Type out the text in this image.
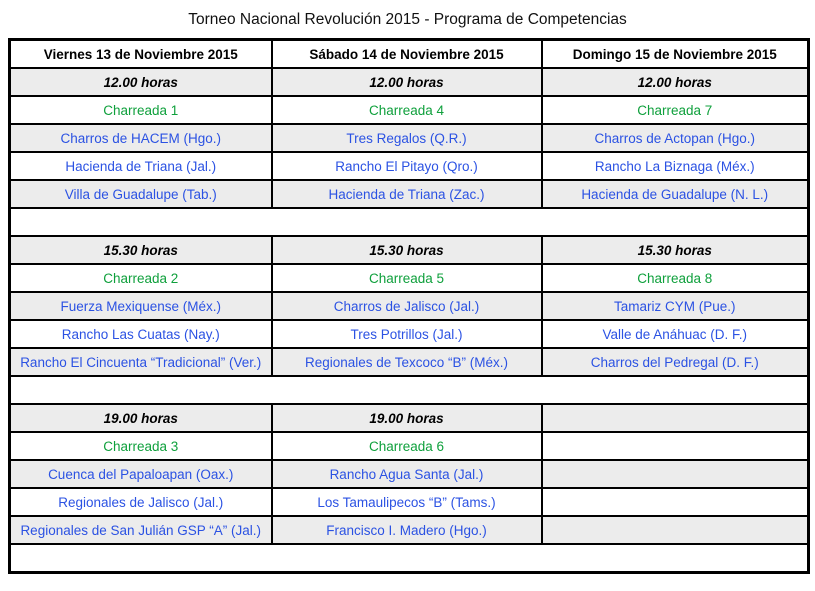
Torneo Nacional Revolución 2015 - Programa de Competencias
Viernes 13 de Noviembre 2015	Sábado 14 de Noviembre 2015	Domingo 15 de Noviembre 2015
12.00 horas	12.00 horas	12.00 horas
Charreada 1	Charreada 4	Charreada 7
Charros de HACEM (Hgo.)	Tres Regalos (Q.R.)	Charros de Actopan (Hgo.)
Hacienda de Triana (Jal.)	Rancho El Pitayo (Qro.)	Rancho La Biznaga (Méx.)
Villa de Guadalupe (Tab.)	Hacienda de Triana (Zac.)	Hacienda de Guadalupe (N. L.)

15.30 horas	15.30 horas	15.30 horas
Charreada 2	Charreada 5	Charreada 8
Fuerza Mexiquense (Méx.)	Charros de Jalisco (Jal.)	Tamariz CYM (Pue.)
Rancho Las Cuatas (Nay.)	Tres Potrillos (Jal.)	Valle de Anáhuac (D. F.)
Rancho El Cincuenta “Tradicional” (Ver.)	Regionales de Texcoco “B” (Méx.)	Charros del Pedregal (D. F.)

19.00 horas	19.00 horas	
Charreada 3	Charreada 6	
Cuenca del Papaloapan (Oax.)	Rancho Agua Santa (Jal.)	
Regionales de Jalisco (Jal.)	Los Tamaulipecos “B” (Tams.)	
Regionales de San Julián GSP “A” (Jal.)	Francisco I. Madero (Hgo.)	
